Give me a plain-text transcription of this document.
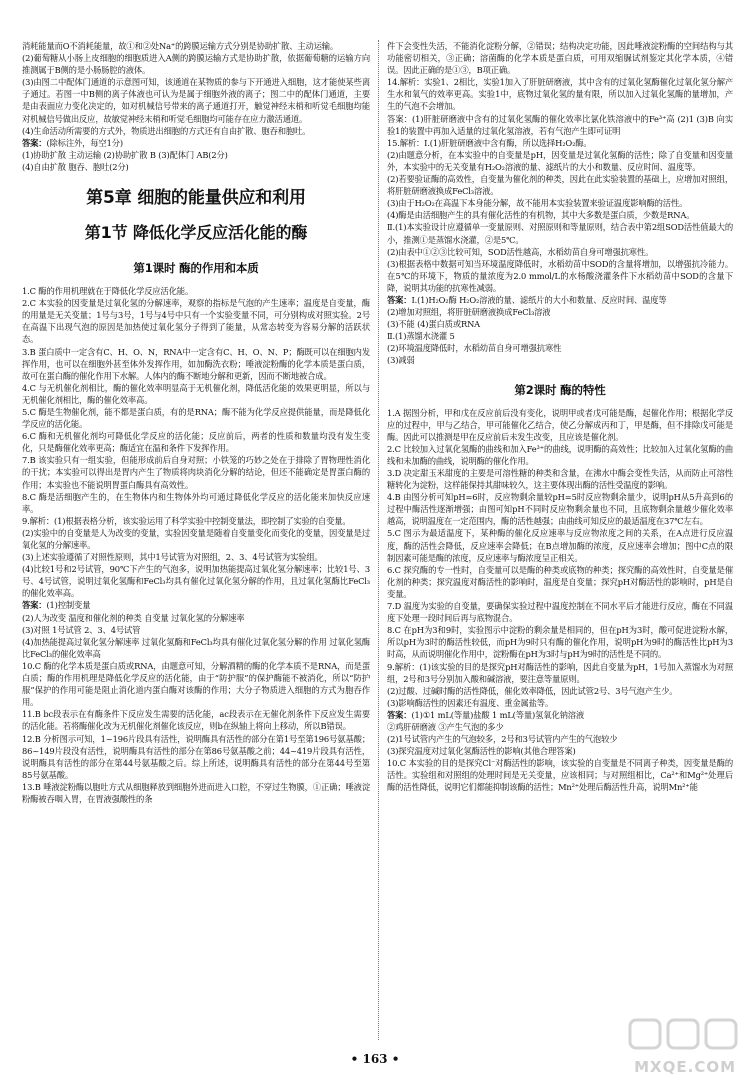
消耗能量而O不消耗能量，故①和②处Na⁺的跨膜运输方式分别是协助扩散、主动运输。

(2)葡萄糖从小肠上皮细胞的细胞质进入A侧的跨膜运输方式是协助扩散，依据葡萄糖的运输方向推测属于B侧的是小肠肠腔的液体。

(3)由图二中配体门通道的示意图可知，该通道在某物质的参与下开通进入细胞，这才能使某些离子通过。若图一中B侧的离子体液也可认为是属于细胞外液的离子；图二中的配体门通道，主要是由表面应力变化决定的，如对机械信号带来的离子通道打开，触觉神经末梢和听觉毛细胞均能对机械信号做出反应，故敏觉神经末梢和听觉毛细胞均可能存在应力激活通道。

(4)生命活动所需要的方式外，物质进出细胞的方式还有自由扩散、胞吞和胞吐。

答案：(除标注外，每空1分)

(1)协助扩散 主动运输 (2)协助扩散 B (3)配体门 AB(2分)

(4)自由扩散 胞吞、胞吐(2分)

第5章 细胞的能量供应和利用
第1节 降低化学反应活化能的酶
第1课时 酶的作用和本质

1.C 酶的作用机理就在于降低化学反应活化能。

2.C 本实验的因变量是过氧化氢的分解速率，观察的指标是气泡的产生速率；温度是自变量，酶的用量是无关变量；1号与3号，1号与4号中只有一个实验变量不同，可分别构成对照实验。2号在高温下出现气泡的原因是加热使过氧化氢分子得到了能量，从常态转变为容易分解的活跃状态。

3.B 蛋白质中一定含有C、H、O、N，RNA中一定含有C、H、O、N、P；酶既可以在细胞内发挥作用，也可以在细胞外甚至体外发挥作用，如加酶洗衣粉；唾液淀粉酶的化学本质是蛋白质，故可在蛋白酶的催化作用下水解。人体内的酶不断地分解和更新，因而不断地被合成。

4.C 与无机催化剂相比，酶的催化效率明显高于无机催化剂，降低活化能的效果更明显，所以与无机催化剂相比，酶的催化效率高。

5.C 酶是生物催化剂，能不都是蛋白质，有的是RNA；酶不能为化学反应提供能量，而是降低化学反应的活化能。

6.C 酶和无机催化剂均可降低化学反应的活化能；反应前后，两者的性质和数量均没有发生变化，只是酶催化效率更高；酶适宜在温和条件下发挥作用。

7.B 该实验只有一组实验，但能形成前后自身对照；小铁笼的巧妙之处在于排除了胃物理性消化的干扰；本实验可以得出是胃内产生了物质将肉块消化分解的结论，但还不能确定是胃蛋白酶的作用；本实验也不能说明胃蛋白酶具有高效性。

8.C 酶是活细胞产生的，在生物体内和生物体外均可通过降低化学反应的活化能来加快反应速率。

9.解析：(1)根据表格分析，该实验运用了科学实验中控制变量法，即控制了实验的自变量。

(2)实验中的自变量是人为改变的变量，实验因变量是随着自变量变化而变化的变量，因变量是过氧化氢的分解速率。

(3)上述实验遵循了对照性原则，其中1号试管为对照组，2、3、4号试管为实验组。

(4)比较1号和2号试管，90℃下产生的气泡多，说明加热能提高过氧化氢分解速率；比较1号、3号、4号试管，说明过氧化氢酶和FeCl₃均具有催化过氧化氢分解的作用，且过氧化氢酶比FeCl₃的催化效率高。

答案：(1)控制变量

(2)人为改变 温度和催化剂的种类 自变量 过氧化氢的分解速率

(3)对照 1号试管 2、3、4号试管

(4)加热能提高过氧化氢分解速率 过氧化氢酶和FeCl₃均具有催化过氧化氢分解的作用 过氧化氢酶比FeCl₃的催化效率高

10.C 酶的化学本质是蛋白质或RNA，由题意可知，分解酒精的酶的化学本质不是RNA，而是蛋白质；酶的作用机理是降低化学反应的活化能，由于“防护服”的保护酶能不被消化，所以“防护服”保护的作用可能是阻止消化道内蛋白酶对该酶的作用；大分子物质进入细胞的方式为胞吞作用。

11.B bc段表示在有酶条件下反应发生需要的活化能，ac段表示在无催化剂条件下反应发生需要的活化能。若将酶催化改为无机催化剂催化该反应，则b在纵轴上将向上移动，所以B错误。

12.B 分析图示可知，1~196片段具有活性，说明酶具有活性的部分在第1号至第196号氨基酸；86~149片段没有活性，说明酶具有活性的部分在第86号氨基酸之前；44~419片段具有活性，说明酶具有活性的部分在第44号氨基酸之后。综上所述，说明酶具有活性的部分在第44号至第85号氨基酸。

13.B 唾液淀粉酶以胞吐方式从细胞释放到细胞外进而进入口腔，不穿过生物膜，①正确；唾液淀粉酶被吞咽入胃，在胃液强酸性的条

件下会变性失活，不能消化淀粉分解，②错误；结构决定功能，因此唾液淀粉酶的空间结构与其功能密切相关，③正确；溶菌酶的化学本质是蛋白质，可用双缩脲试剂鉴定其化学本质，④错误。因此正确的是①③，B项正确。

14.解析：实验1、2相比，实验1加入了肝脏研磨液，其中含有的过氧化氢酶催化过氧化氢分解产生水和氧气的效率更高。实验1中，底物过氧化氢的量有限，所以加入过氧化氢酶的量增加，产生的气泡不会增加。

答案：(1)肝脏研磨液中含有的过氧化氢酶的催化效率比氯化铁溶液中的Fe³⁺高 (2)1 (3)B 向实验1的装置中再加入适量的过氧化氢溶液，若有气泡产生即可证明

15.解析：Ⅰ.(1)肝脏研磨液中含有酶，所以选择H₂O₂酶。

(2)由题意分析，在本实验中的自变量是pH，因变量是过氧化氢酶的活性；除了自变量和因变量外，本实验中的无关变量有H₂O₂溶液的量、滤纸片的大小和数量、反应时间、温度等。

(2)若要验证酶的高效性，自变量为催化剂的种类，因此在此实验装置的基础上，应增加对照组，将肝脏研磨液换成FeCl₃溶液。

(3)由于H₂O₂在高温下本身能分解，故不能用本实验装置来验证温度影响酶的活性。

(4)酶是由活细胞产生的具有催化活性的有机物，其中大多数是蛋白质，少数是RNA。

Ⅱ.(1)本实验设计应遵循单一变量原则、对照原则和等量原则，结合表中第2组SOD活性值最大的小，推测①是蒸馏水浇灌，②是5℃。

(2)由表中①②③比较可知，SOD活性越高，水稻幼苗自身可增强抗寒性。

(3)根据表格中数据可知当环境温度降低时，水稻幼苗中SOD的含量将增加，以增强抗冷能力。在5℃的环境下，物质的量浓度为2.0 mmol/L的水杨酸浇灌条件下水稻幼苗中SOD的含量下降，说明其功能的抗寒性减弱。

答案：Ⅰ.(1)H₂O₂酶 H₂O₂溶液的量、滤纸片的大小和数量、反应时间、温度等

(2)增加对照组，将肝脏研磨液换成FeCl₃溶液

(3)不能 (4)蛋白质或RNA

Ⅱ.(1)蒸馏水浇灌 5

(2)环境温度降低时，水稻幼苗自身可增强抗寒性

(3)减弱

第2课时 酶的特性

1.A 据图分析，甲和戊在反应前后没有变化，说明甲或者戊可能是酶，起催化作用；根据化学反应的过程中，甲与乙结合，甲可能催化乙结合，使乙分解成丙和丁，甲是酶，但不排除戊可能是酶。因此可以推测是甲在反应前后未发生改变，且应该是催化剂。

2.C 比较加入过氧化氢酶的曲线和加入Fe³⁺的曲线，说明酶的高效性；比较加入过氧化氢酶的曲线和未加酶的曲线，说明酶的催化作用。

3.D 决定甜玉米甜度的主要是可溶性糖的种类和含量，在沸水中酶会变性失活，从而防止可溶性糖转化为淀粉，这样能保持其甜味较久，这主要体现出酶的活性受温度的影响。

4.B 由图分析可知pH=6时，反应物剩余量较pH=5时反应物剩余量少，说明pH从5升高到6的过程中酶活性逐渐增强；由图可知pH不同时反应物剩余量也不同，且底物剩余量越少催化效率越高，说明温度在一定范围内，酶的活性越强；由曲线可知反应的最适温度在37℃左右。

5.C 图示为最适温度下，某种酶的催化反应速率与反应物浓度之间的关系，在A点进行反应温度，酶的活性会降低，反应速率会降低；在B点增加酶的浓度，反应速率会增加；图中C点的限制因素可能是酶的浓度，反应速率与酶浓度呈正相关。

6.C 探究酶的专一性时，自变量可以是酶的种类或底物的种类；探究酶的高效性时，自变量是催化剂的种类；探究温度对酶活性的影响时，温度是自变量；探究pH对酶活性的影响时，pH是自变量。

7.D 温度为实验的自变量，要确保实验过程中温度控制在不同水平后才能进行反应，酶在不同温度下处理一段时间后再与底物混合。

8.C 在pH为3和9时，实验图示中淀粉的剩余量是相同的，但在pH为3时，酸可促进淀粉水解，所以pH为3时的酶活性较低，而pH为9时只有酶的催化作用，说明pH为9时的酶活性比pH为3时高，从而说明催化作用中，淀粉酶在pH为3时与pH为9时的活性是不同的。

9.解析：(1)该实验的目的是探究pH对酶活性的影响，因此自变量为pH，1号加入蒸馏水为对照组，2号和3号分别加入酸和碱溶液，要注意等量原则。

(2)过酸、过碱时酶的活性降低，催化效率降低，因此试管2号、3号气泡产生少。

(3)影响酶活性的因素还有温度、重金属盐等。

答案：(1)①1 mL(等量)盐酸 1 mL(等量)氢氧化钠溶液

②鸡肝研磨液 ③产生气泡的多少

(2)1号试管内产生的气泡较多，2号和3号试管内产生的气泡较少

(3)探究温度对过氧化氢酶活性的影响(其他合理答案)

10.C 本实验的目的是探究Cl⁻对酶活性的影响，该实验的自变量是不同离子种类，因变量是酶的活性。实验组和对照组的处理时间是无关变量，应该相同；与对照组相比，Ca²⁺和Mg²⁺处理后酶的活性降低，说明它们都能抑制该酶的活性；Mn²⁺处理后酶活性升高，说明Mn²⁺能

• 163 •	MXQE.COM
